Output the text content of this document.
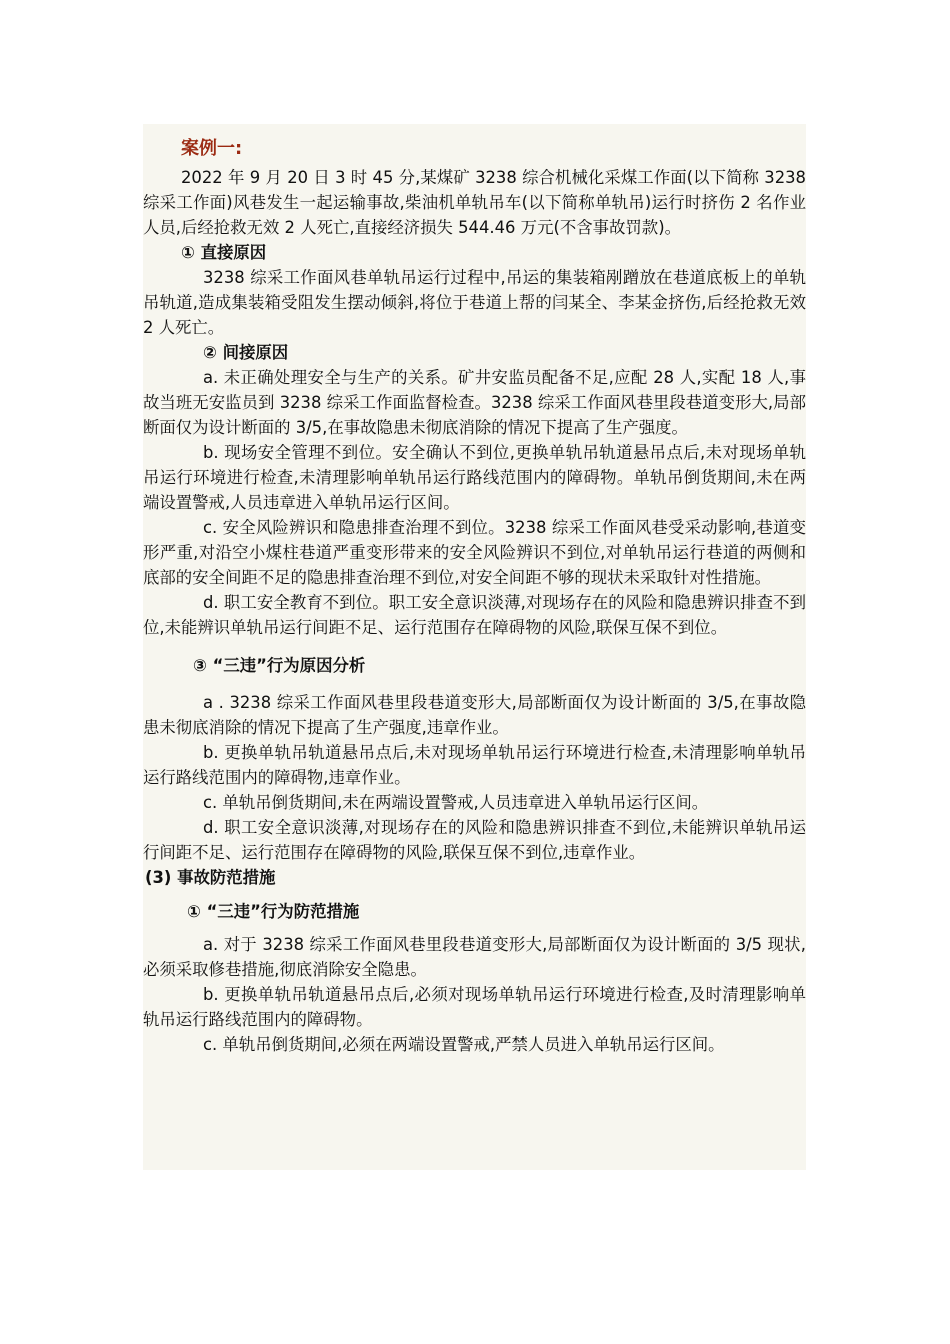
案例一:

2022 年 9 月 20 日 3 时 45 分,某煤矿 3238 综合机械化采煤工作面(以下简称 3238 综采工作面)风巷发生一起运输事故,柴油机单轨吊车(以下简称单轨吊)运行时挤伤 2 名作业人员,后经抢救无效 2 人死亡,直接经济损失 544.46 万元(不含事故罚款)。

① 直接原因

3238 综采工作面风巷单轨吊运行过程中,吊运的集装箱剐蹭放在巷道底板上的单轨吊轨道,造成集装箱受阻发生摆动倾斜,将位于巷道上帮的闫某全、李某金挤伤,后经抢救无效 2 人死亡。

② 间接原因

a. 未正确处理安全与生产的关系。矿井安监员配备不足,应配 28 人,实配 18 人,事故当班无安监员到 3238 综采工作面监督检查。3238 综采工作面风巷里段巷道变形大,局部断面仅为设计断面的 3/5,在事故隐患未彻底消除的情况下提高了生产强度。

b. 现场安全管理不到位。安全确认不到位,更换单轨吊轨道悬吊点后,未对现场单轨吊运行环境进行检查,未清理影响单轨吊运行路线范围内的障碍物。单轨吊倒货期间,未在两端设置警戒,人员违章进入单轨吊运行区间。

c. 安全风险辨识和隐患排查治理不到位。3238 综采工作面风巷受采动影响,巷道变形严重,对沿空小煤柱巷道严重变形带来的安全风险辨识不到位,对单轨吊运行巷道的两侧和底部的安全间距不足的隐患排查治理不到位,对安全间距不够的现状未采取针对性措施。

d. 职工安全教育不到位。职工安全意识淡薄,对现场存在的风险和隐患辨识排查不到位,未能辨识单轨吊运行间距不足、运行范围存在障碍物的风险,联保互保不到位。

③ “三违”行为原因分析

a . 3238 综采工作面风巷里段巷道变形大,局部断面仅为设计断面的 3/5,在事故隐患未彻底消除的情况下提高了生产强度,违章作业。

b. 更换单轨吊轨道悬吊点后,未对现场单轨吊运行环境进行检查,未清理影响单轨吊运行路线范围内的障碍物,违章作业。

c. 单轨吊倒货期间,未在两端设置警戒,人员违章进入单轨吊运行区间。

d. 职工安全意识淡薄,对现场存在的风险和隐患辨识排查不到位,未能辨识单轨吊运行间距不足、运行范围存在障碍物的风险,联保互保不到位,违章作业。

(3) 事故防范措施

① “三违”行为防范措施

a. 对于 3238 综采工作面风巷里段巷道变形大,局部断面仅为设计断面的 3/5 现状,必须采取修巷措施,彻底消除安全隐患。

b. 更换单轨吊轨道悬吊点后,必须对现场单轨吊运行环境进行检查,及时清理影响单轨吊运行路线范围内的障碍物。

c. 单轨吊倒货期间,必须在两端设置警戒,严禁人员进入单轨吊运行区间。
